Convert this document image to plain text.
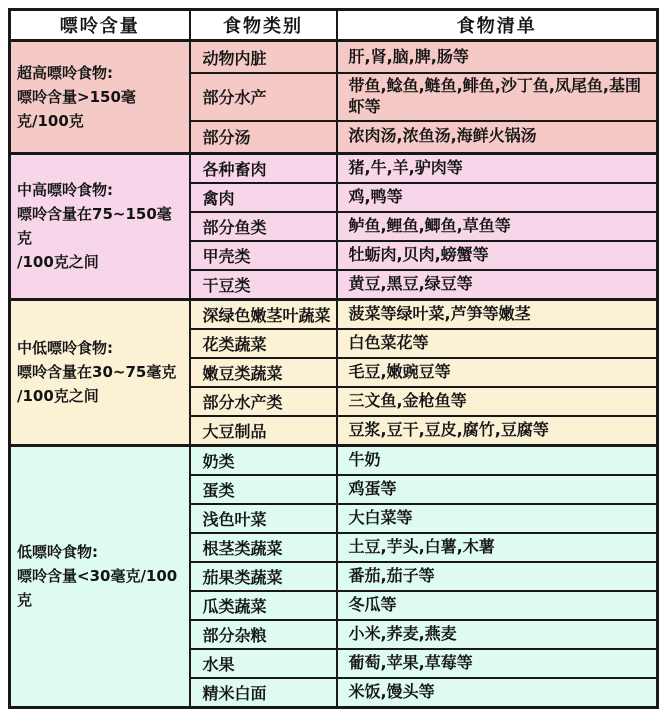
嘌呤含量	食物类别	食物清单

超高嘌呤食物:
嘌呤含量>150毫克/100克	动物内脏	肝,肾,脑,脾,肠等
	部分水产	带鱼,鲶鱼,鲢鱼,鲱鱼,沙丁鱼,凤尾鱼,基围虾等
	部分汤	浓肉汤,浓鱼汤,海鲜火锅汤

中高嘌呤食物:
嘌呤含量在75~150毫克
/100克之间	各种畜肉	猪,牛,羊,驴肉等
	禽肉	鸡,鸭等
	部分鱼类	鲈鱼,鲤鱼,鲫鱼,草鱼等
	甲壳类	牡蛎肉,贝肉,螃蟹等
	干豆类	黄豆,黑豆,绿豆等

中低嘌呤食物:
嘌呤含量在30~75毫克
/100克之间	深绿色嫩茎叶蔬菜	菠菜等绿叶菜,芦笋等嫩茎
	花类蔬菜	白色菜花等
	嫩豆类蔬菜	毛豆,嫩豌豆等
	部分水产类	三文鱼,金枪鱼等
	大豆制品	豆浆,豆干,豆皮,腐竹,豆腐等

低嘌呤食物:
嘌呤含量<30毫克/100克	奶类	牛奶
	蛋类	鸡蛋等
	浅色叶菜	大白菜等
	根茎类蔬菜	土豆,芋头,白薯,木薯
	茄果类蔬菜	番茄,茄子等
	瓜类蔬菜	冬瓜等
	部分杂粮	小米,荞麦,燕麦
	水果	葡萄,苹果,草莓等
	精米白面	米饭,馒头等
